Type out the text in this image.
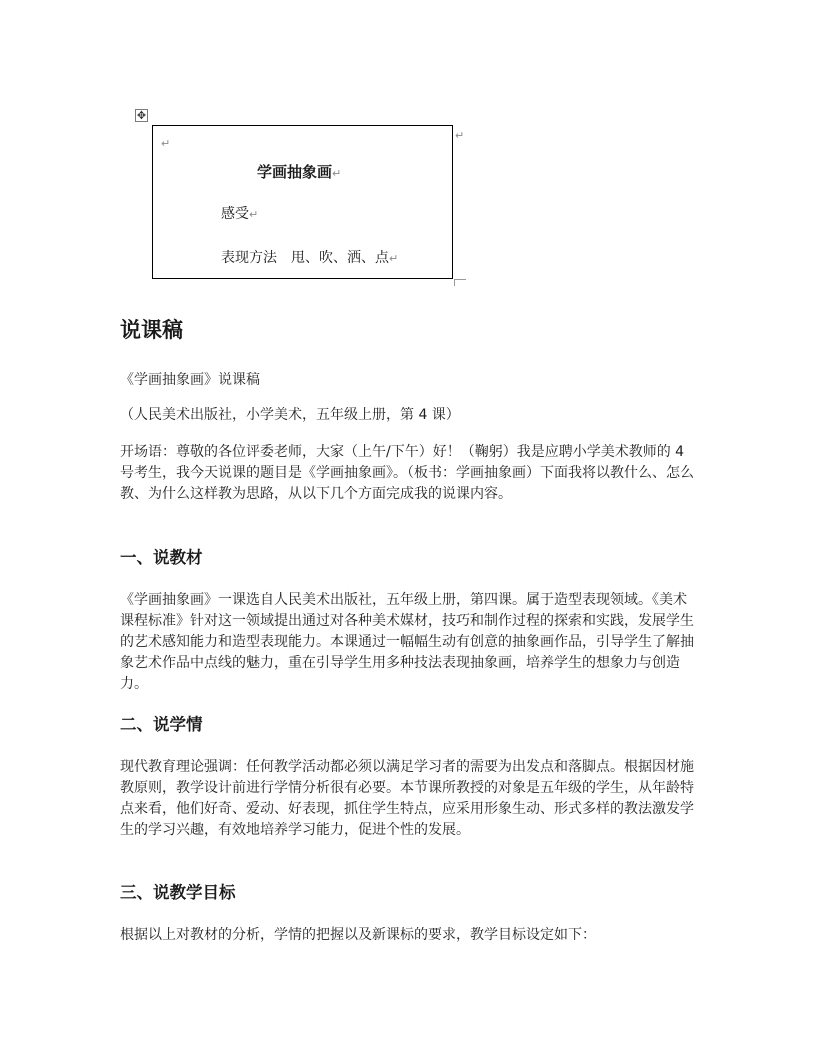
✥
↵
学画抽象画↵
感受↵
表现方法　甩、吹、洒、点↵
↵
说课稿

《学画抽象画》说课稿

（人民美术出版社，小学美术，五年级上册，第 4 课）

开场语：尊敬的各位评委老师，大家（上午/下午）好！（鞠躬）我是应聘小学美术教师的 4 号考生，我今天说课的题目是《学画抽象画》。（板书：学画抽象画）下面我将以教什么、怎么教、为什么这样教为思路，从以下几个方面完成我的说课内容。

一、说教材

《学画抽象画》一课选自人民美术出版社，五年级上册，第四课。属于造型表现领域。《美术课程标准》针对这一领域提出通过对各种美术媒材，技巧和制作过程的探索和实践，发展学生的艺术感知能力和造型表现能力。本课通过一幅幅生动有创意的抽象画作品，引导学生了解抽象艺术作品中点线的魅力，重在引导学生用多种技法表现抽象画，培养学生的想象力与创造力。

二、说学情

现代教育理论强调：任何教学活动都必须以满足学习者的需要为出发点和落脚点。根据因材施教原则，教学设计前进行学情分析很有必要。本节课所教授的对象是五年级的学生，从年龄特点来看，他们好奇、爱动、好表现，抓住学生特点，应采用形象生动、形式多样的教法激发学生的学习兴趣，有效地培养学习能力，促进个性的发展。

三、说教学目标

根据以上对教材的分析，学情的把握以及新课标的要求，教学目标设定如下：
